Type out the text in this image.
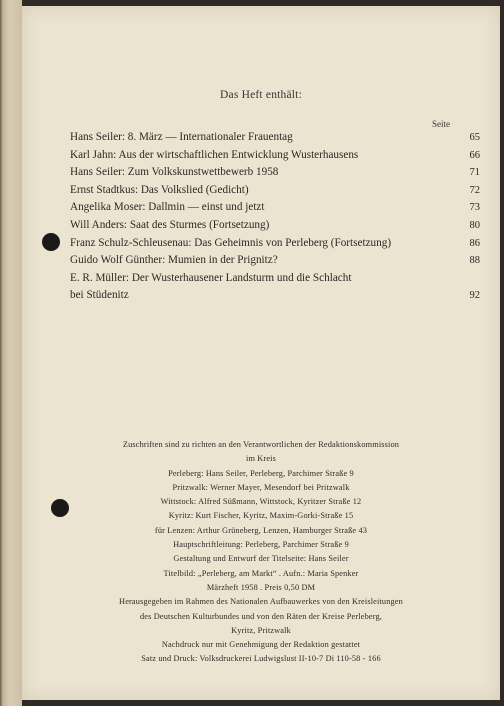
Das Heft enthält:
Seite
Hans Seiler: 8. März — Internationaler Frauentag	65
Karl Jahn: Aus der wirtschaftlichen Entwicklung Wusterhausens	66
Hans Seiler: Zum Volkskunstwettbewerb 1958	71
Ernst Stadtkus: Das Volkslied (Gedicht)	72
Angelika Moser: Dallmin — einst und jetzt	73
Will Anders: Saat des Sturmes (Fortsetzung)	80
Franz Schulz-Schleusenau: Das Geheimnis von Perleberg (Fortsetzung)	86
Guido Wolf Günther: Mumien in der Prignitz?	88
E. R. Müller: Der Wusterhausener Landsturm und die Schlacht
bei Stüdenitz	92
Zuschriften sind zu richten an den Verantwortlichen der Redaktionskommission
im Kreis
Perleberg: Hans Seiler, Perleberg, Parchimer Straße 9
Pritzwalk: Werner Mayer, Mesendorf bei Pritzwalk
Wittstock: Alfred Süßmann, Wittstock, Kyritzer Straße 12
Kyritz: Kurt Fischer, Kyritz, Maxim-Gorki-Straße 15
für Lenzen: Arthur Grüneberg, Lenzen, Hamburger Straße 43
Hauptschriftleitung: Perleberg, Parchimer Straße 9
Gestaltung und Entwurf der Titelseite: Hans Seiler
Titelbild: „Perleberg, am Markt“ . Aufn.: Maria Spenker
Märzheft 1958 . Preis 0,50 DM
Herausgegeben im Rahmen des Nationalen Aufbauwerkes von den Kreisleitungen
des Deutschen Kulturbundes und von den Räten der Kreise Perleberg,
Kyritz, Pritzwalk
Nachdruck nur mit Genehmigung der Redaktion gestattet
Satz und Druck: Volksdruckerei Ludwigslust II-10-7 Di 110-58 - 166
